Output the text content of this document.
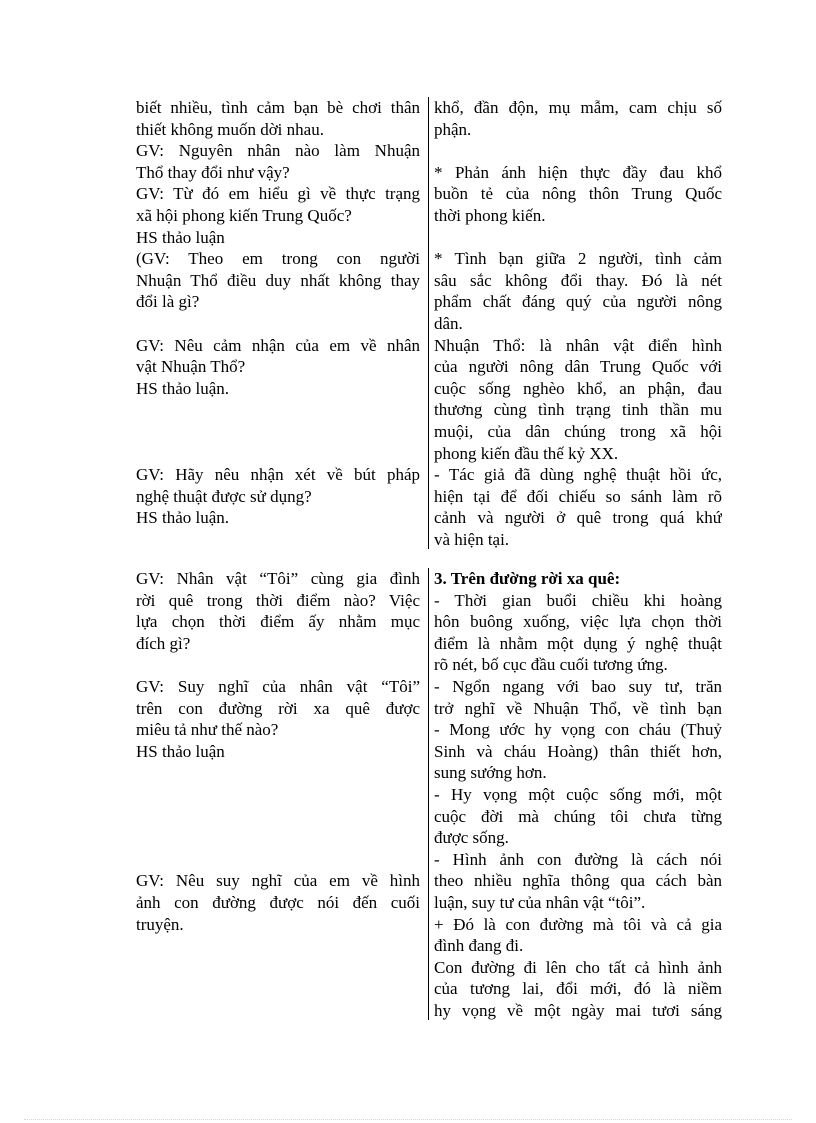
biết nhiều, tình cảm bạn bè chơi thân
thiết không muốn dời nhau.
GV: Nguyên nhân nào làm Nhuận
Thổ thay đổi như vậy?
GV: Từ đó em hiểu gì về thực trạng
xã hội phong kiến Trung Quốc?
HS thảo luận
(GV: Theo em trong con người
Nhuận Thổ điều duy nhất không thay
đổi là gì?
GV: Nêu cảm nhận của em về nhân
vật Nhuận Thổ?
HS thảo luận.
GV: Hãy nêu nhận xét về bút pháp
nghệ thuật được sử dụng?
HS thảo luận.
khổ, đần độn, mụ mẫm, cam chịu số
phận.
* Phản ánh hiện thực đầy đau khổ
buồn tẻ của nông thôn Trung Quốc
thời phong kiến.
* Tình bạn giữa 2 người, tình cảm
sâu sắc không đổi thay. Đó là nét
phẩm chất đáng quý của người nông
dân.
Nhuận Thổ: là nhân vật điển hình
của người nông dân Trung Quốc với
cuộc sống nghèo khổ, an phận, đau
thương cùng tình trạng tinh thần mu
muội, của dân chúng trong xã hội
phong kiến đầu thế kỷ XX.
- Tác giả đã dùng nghệ thuật hồi ức,
hiện tại để đối chiếu so sánh làm rõ
cảnh và người ở quê trong quá khứ
và hiện tại.
GV: Nhân vật “Tôi” cùng gia đình
rời quê trong thời điểm nào? Việc
lựa chọn thời điểm ấy nhằm mục
đích gì?
GV: Suy nghĩ của nhân vật “Tôi”
trên con đường rời xa quê được
miêu tả như thế nào?
HS thảo luận
GV: Nêu suy nghĩ của em về hình
ảnh con đường được nói đến cuối
truyện.
3. Trên đường rời xa quê:
- Thời gian buổi chiều khi hoàng
hôn buông xuống, việc lựa chọn thời
điểm là nhằm một dụng ý nghệ thuật
rõ nét, bố cục đầu cuối tương ứng.
- Ngổn ngang với bao suy tư, trăn
trở nghĩ về Nhuận Thổ, về tình bạn
- Mong ước hy vọng con cháu (Thuỷ
Sinh và cháu Hoàng) thân thiết hơn,
sung sướng hơn.
- Hy vọng một cuộc sống mới, một
cuộc đời mà chúng tôi chưa từng
được sống.
- Hình ảnh con đường là cách nói
theo nhiều nghĩa thông qua cách bàn
luận, suy tư của nhân vật “tôi”.
+ Đó là con đường mà tôi và cả gia
đình đang đi.
Con đường đi lên cho tất cả hình ảnh
của tương lai, đổi mới, đó là niềm
hy vọng về một ngày mai tươi sáng
